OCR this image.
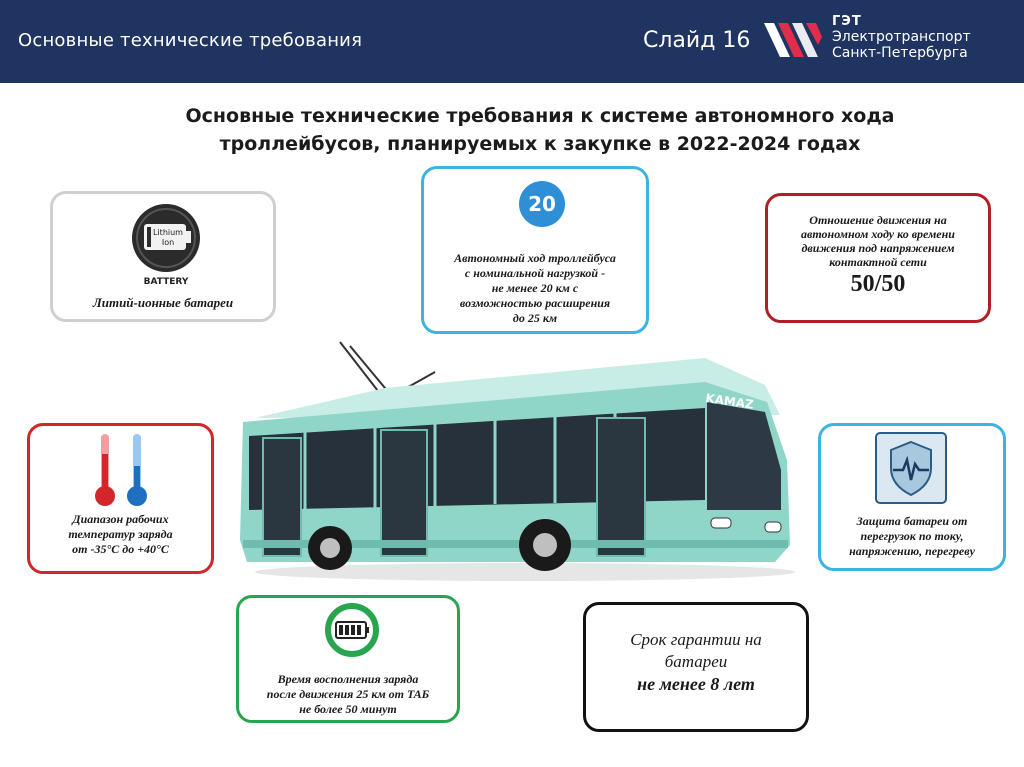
Основные технические требования	Слайд 16
ГЭТ
Электротранспорт
Санкт-Петербурга
Основные технические требования к системе автономного хода
троллейбусов, планируемых к закупке в 2022-2024 годах
Lithium
Ion
BATTERY
Литий-ионные батареи
20
Автономный ход троллейбуса
с номинальной нагрузкой -
не менее 20 км с
возможностью расширения
до 25 км
Отношение движения на
автономном ходу ко времени
движения под напряжением
контактной сети
50/50
Диапазон рабочих
температур заряда
от -35°С до +40°С
Защита батареи от
перегрузок по току,
напряжению, перегреву
Время восполнения заряда
после движения 25 км от ТАБ
не более 50 минут
Срок гарантии на
батареи
не менее 8 лет
KAMAZ
